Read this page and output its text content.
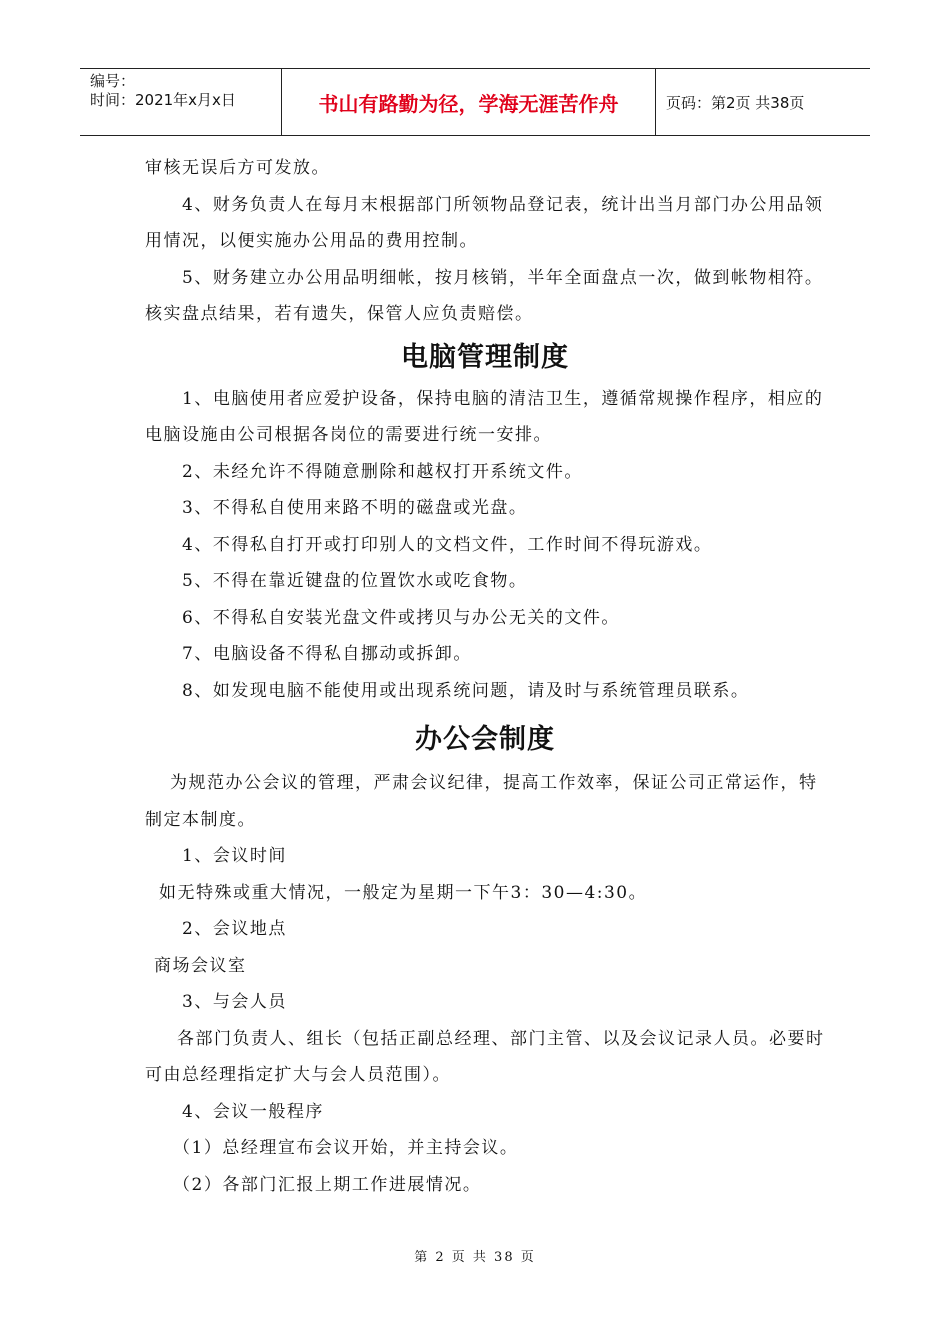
编号：
时间：2021年x月x日	书山有路勤为径，学海无涯苦作舟	页码：第2页 共38页

审核无误后方可发放。

4、财务负责人在每月末根据部门所领物品登记表，统计出当月部门办公用品领用情况，以便实施办公用品的费用控制。

5、财务建立办公用品明细帐，按月核销，半年全面盘点一次，做到帐物相符。核实盘点结果，若有遗失，保管人应负责赔偿。

电脑管理制度

1、电脑使用者应爱护设备，保持电脑的清洁卫生，遵循常规操作程序，相应的电脑设施由公司根据各岗位的需要进行统一安排。

2、未经允许不得随意删除和越权打开系统文件。

3、不得私自使用来路不明的磁盘或光盘。

4、不得私自打开或打印别人的文档文件，工作时间不得玩游戏。

5、不得在靠近键盘的位置饮水或吃食物。

6、不得私自安装光盘文件或拷贝与办公无关的文件。

7、电脑设备不得私自挪动或拆卸。

8、如发现电脑不能使用或出现系统问题，请及时与系统管理员联系。

办公会制度

为规范办公会议的管理，严肃会议纪律，提高工作效率，保证公司正常运作，特制定本制度。

1、会议时间

如无特殊或重大情况，一般定为星期一下午3：30—4:30。

2、会议地点

商场会议室

3、与会人员

各部门负责人、组长（包括正副总经理、部门主管、以及会议记录人员。必要时可由总经理指定扩大与会人员范围）。

4、会议一般程序

（1）总经理宣布会议开始，并主持会议。

（2）各部门汇报上期工作进展情况。

第 2 页 共 38 页
